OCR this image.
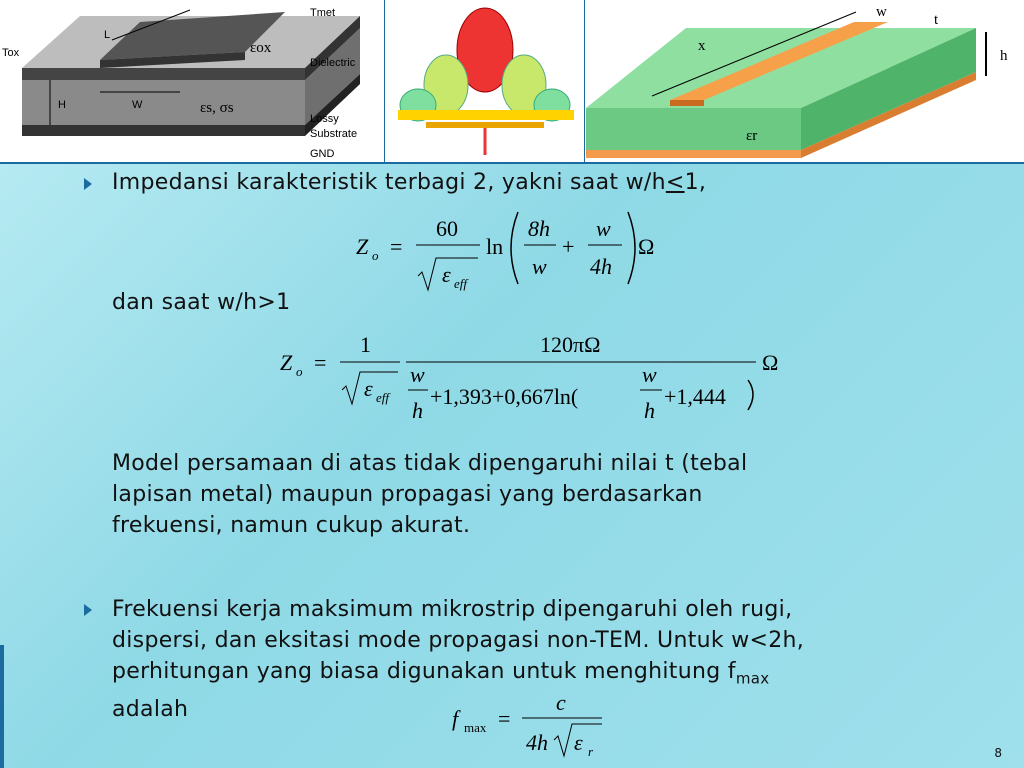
Tmet
Tox
Dielectric
Lossy
Substrate
GND
L
W
H
εox
εs, σs
x
w	t
h
εr
Impedansi karakteristik terbagi 2, yakni saat w/h<1,
Z o =
60
ε eff
ln
8h
w
+
w
4h
Ω
dan saat w/h>1
Z o =
1
ε eff
120πΩ
w
h
+1,393+0,667ln(
w
h
+1,444
Ω
Model persamaan di atas tidak dipengaruhi nilai t (tebal
lapisan metal) maupun propagasi yang berdasarkan
frekuensi, namun cukup akurat.
Frekuensi kerja maksimum mikrostrip dipengaruhi oleh rugi,
dispersi, dan eksitasi mode propagasi non-TEM. Untuk w<2h,
perhitungan yang biasa digunakan untuk menghitung $f_{max}$
adalah	f max =
c
4h ε r	8
